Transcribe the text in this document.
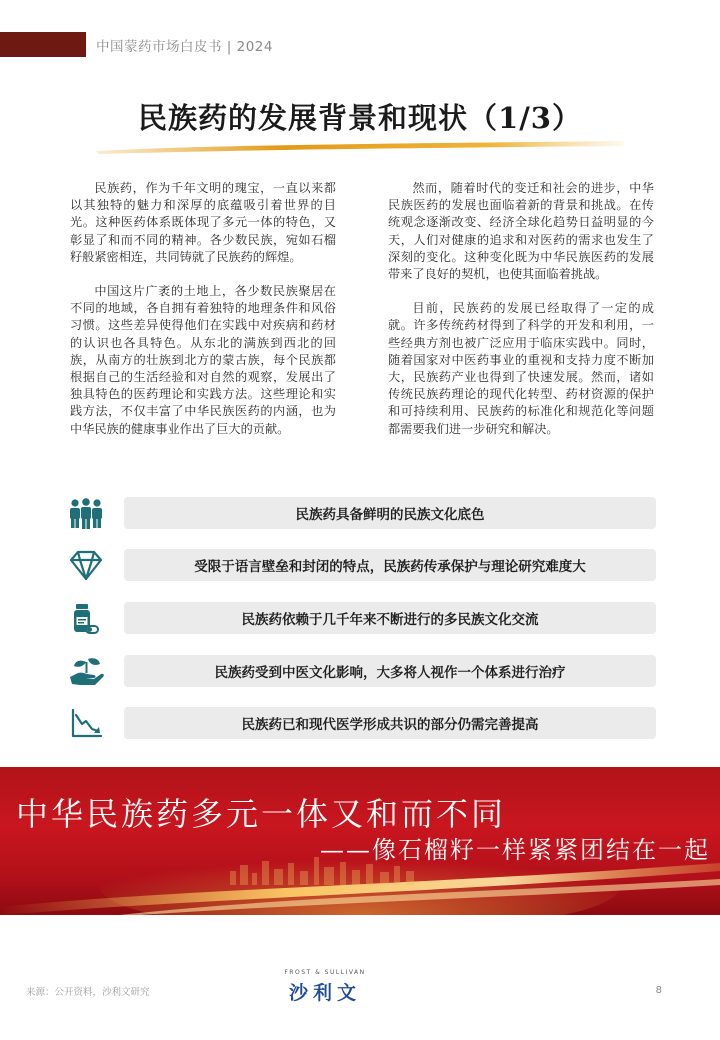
中国蒙药市场白皮书 | 2024
民族药的发展背景和现状（1/3）

民族药，作为千年文明的瑰宝，一直以来都以其独特的魅力和深厚的底蕴吸引着世界的目光。这种医药体系既体现了多元一体的特色，又彰显了和而不同的精神。各少数民族，宛如石榴籽般紧密相连，共同铸就了民族药的辉煌。

中国这片广袤的土地上，各少数民族聚居在不同的地域，各自拥有着独特的地理条件和风俗习惯。这些差异使得他们在实践中对疾病和药材的认识也各具特色。从东北的满族到西北的回族，从南方的壮族到北方的蒙古族，每个民族都根据自己的生活经验和对自然的观察，发展出了独具特色的医药理论和实践方法。这些理论和实践方法，不仅丰富了中华民族医药的内涵，也为中华民族的健康事业作出了巨大的贡献。

然而，随着时代的变迁和社会的进步，中华民族医药的发展也面临着新的背景和挑战。在传统观念逐渐改变、经济全球化趋势日益明显的今天，人们对健康的追求和对医药的需求也发生了深刻的变化。这种变化既为中华民族医药的发展带来了良好的契机，也使其面临着挑战。

目前，民族药的发展已经取得了一定的成就。许多传统药材得到了科学的开发和利用，一些经典方剂也被广泛应用于临床实践中。同时，随着国家对中医药事业的重视和支持力度不断加大，民族药产业也得到了快速发展。然而，诸如传统民族药理论的现代化转型、药材资源的保护和可持续利用、民族药的标准化和规范化等问题都需要我们进一步研究和解决。

民族药具备鲜明的民族文化底色
受限于语言壁垒和封闭的特点，民族药传承保护与理论研究难度大
民族药依赖于几千年来不断进行的多民族文化交流
民族药受到中医文化影响，大多将人视作一个体系进行治疗
民族药已和现代医学形成共识的部分仍需完善提高
中华民族药多元一体又和而不同
——像石榴籽一样紧紧团结在一起
来源：公开资料，沙利文研究
FROST & SULLIVAN
沙利文	8
